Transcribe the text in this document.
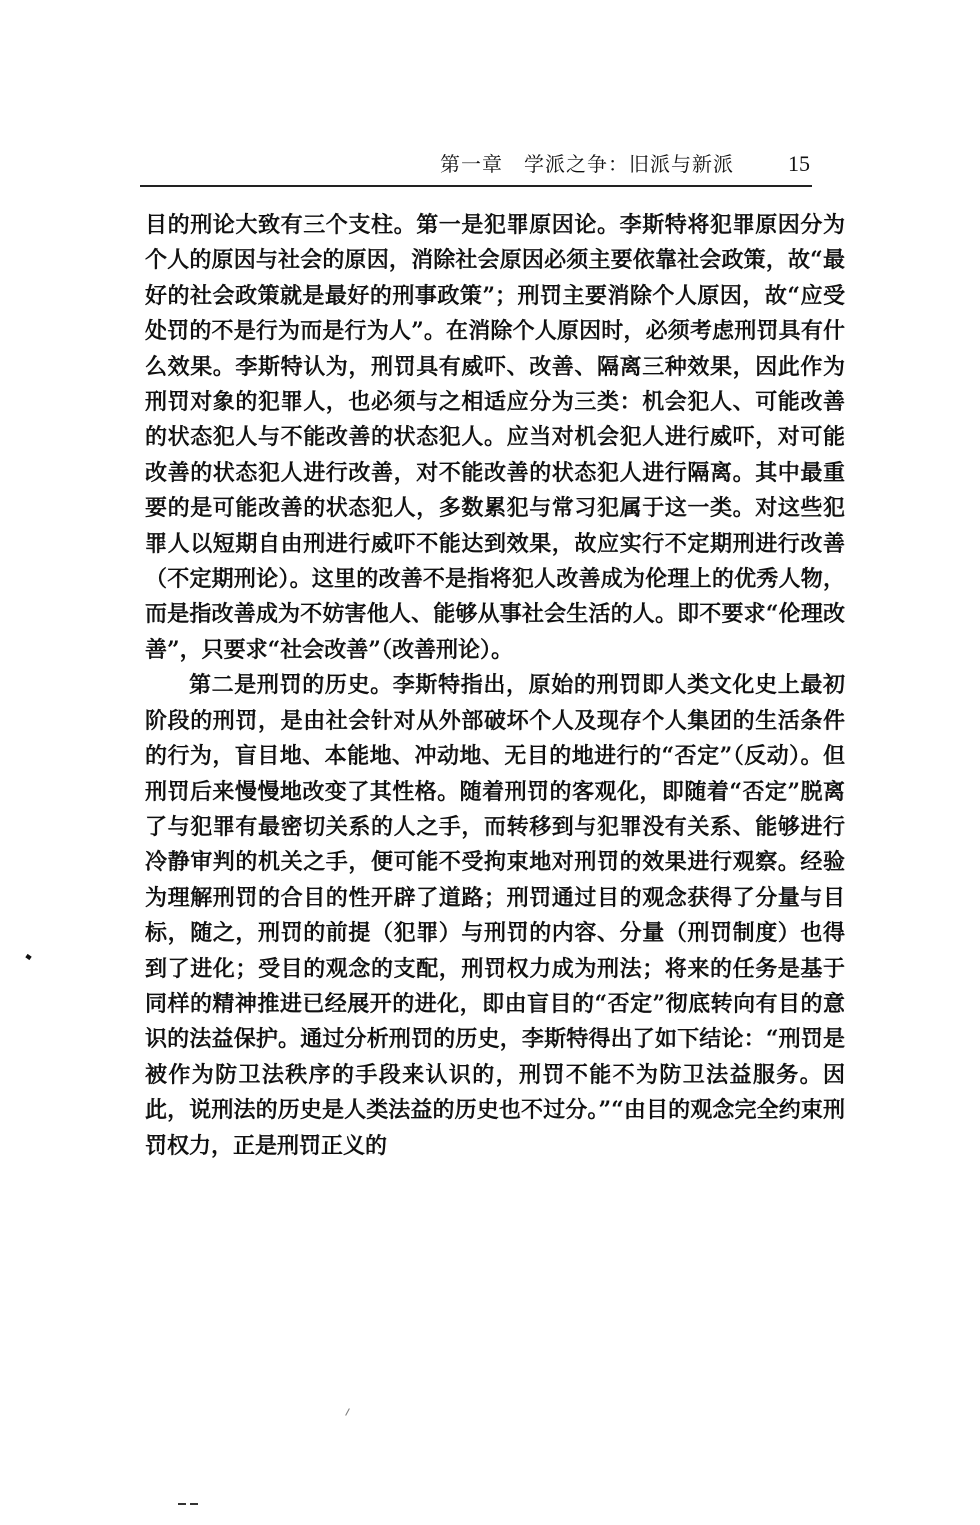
第一章　学派之争：旧派与新派 15

目的刑论大致有三个支柱。第一是犯罪原因论。李斯特将犯罪原因分为个人的原因与社会的原因，消除社会原因必须主要依靠社会政策，故“最好的社会政策就是最好的刑事政策”；刑罚主要消除个人原因，故“应受处罚的不是行为而是行为人”。在消除个人原因时，必须考虑刑罚具有什么效果。李斯特认为，刑罚具有威吓、改善、隔离三种效果，因此作为刑罚对象的犯罪人，也必须与之相适应分为三类：机会犯人、可能改善的状态犯人与不能改善的状态犯人。应当对机会犯人进行威吓，对可能改善的状态犯人进行改善，对不能改善的状态犯人进行隔离。其中最重要的是可能改善的状态犯人，多数累犯与常习犯属于这一类。对这些犯罪人以短期自由刑进行威吓不能达到效果，故应实行不定期刑进行改善（不定期刑论）。这里的改善不是指将犯人改善成为伦理上的优秀人物，而是指改善成为不妨害他人、能够从事社会生活的人。即不要求“伦理改善”，只要求“社会改善”（改善刑论）。

第二是刑罚的历史。李斯特指出，原始的刑罚即人类文化史上最初阶段的刑罚，是由社会针对从外部破坏个人及现存个人集团的生活条件的行为，盲目地、本能地、冲动地、无目的地进行的“否定”（反动）。但刑罚后来慢慢地改变了其性格。随着刑罚的客观化，即随着“否定”脱离了与犯罪有最密切关系的人之手，而转移到与犯罪没有关系、能够进行冷静审判的机关之手，便可能不受拘束地对刑罚的效果进行观察。经验为理解刑罚的合目的性开辟了道路；刑罚通过目的观念获得了分量与目标，随之，刑罚的前提（犯罪）与刑罚的内容、分量（刑罚制度）也得到了进化；受目的观念的支配，刑罚权力成为刑法；将来的任务是基于同样的精神推进已经展开的进化，即由盲目的“否定”彻底转向有目的意识的法益保护。通过分析刑罚的历史，李斯特得出了如下结论：“刑罚是被作为防卫法秩序的手段来认识的，刑罚不能不为防卫法益服务。因此，说刑法的历史是人类法益的历史也不过分。”“由目的观念完全约束刑罚权力，正是刑罚正义的
